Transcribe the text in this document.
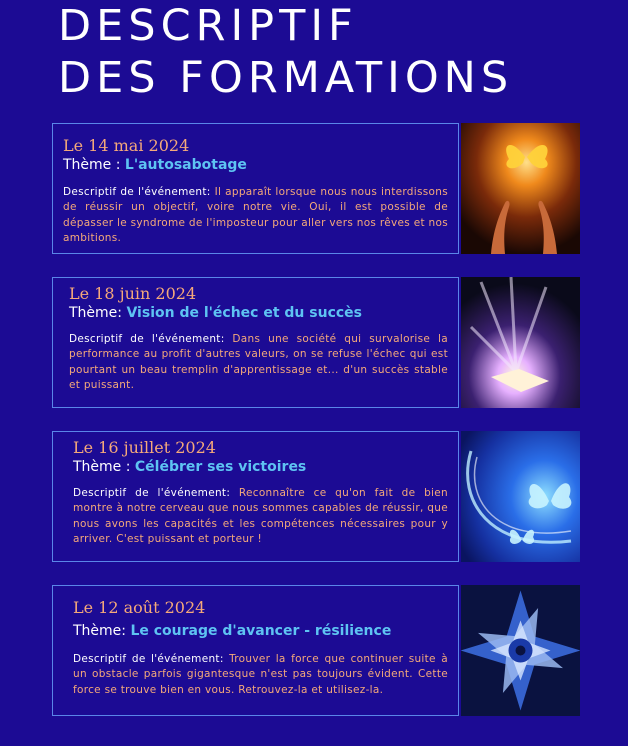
DESCRIPTIF
DES FORMATIONS
Le 14 mai 2024
Thème : L'autosabotage
Descriptif de l'événement: Il apparaît lorsque nous nous interdissons de réussir un objectif, voire notre vie. Oui, il est possible de dépasser le syndrome de l'imposteur pour aller vers nos rêves et nos ambitions.
Le 18 juin 2024
Thème: Vision de l'échec et du succès
Descriptif de l'événement: Dans une société qui survalorise la performance au profit d'autres valeurs, on se refuse l'échec qui est pourtant un beau tremplin d'apprentissage et... d'un succès stable et puissant.
Le 16 juillet 2024
Thème : Célébrer ses victoires
Descriptif de l'événement: Reconnaître ce qu'on fait de bien montre à notre cerveau que nous sommes capables de réussir, que nous avons les capacités et les compétences nécessaires pour y arriver. C'est puissant et porteur !
Le 12 août 2024
Thème: Le courage d'avancer - résilience
Descriptif de l'événement: Trouver la force que continuer suite à un obstacle parfois gigantesque n'est pas toujours évident. Cette force se trouve bien en vous. Retrouvez-la et utilisez-la.
